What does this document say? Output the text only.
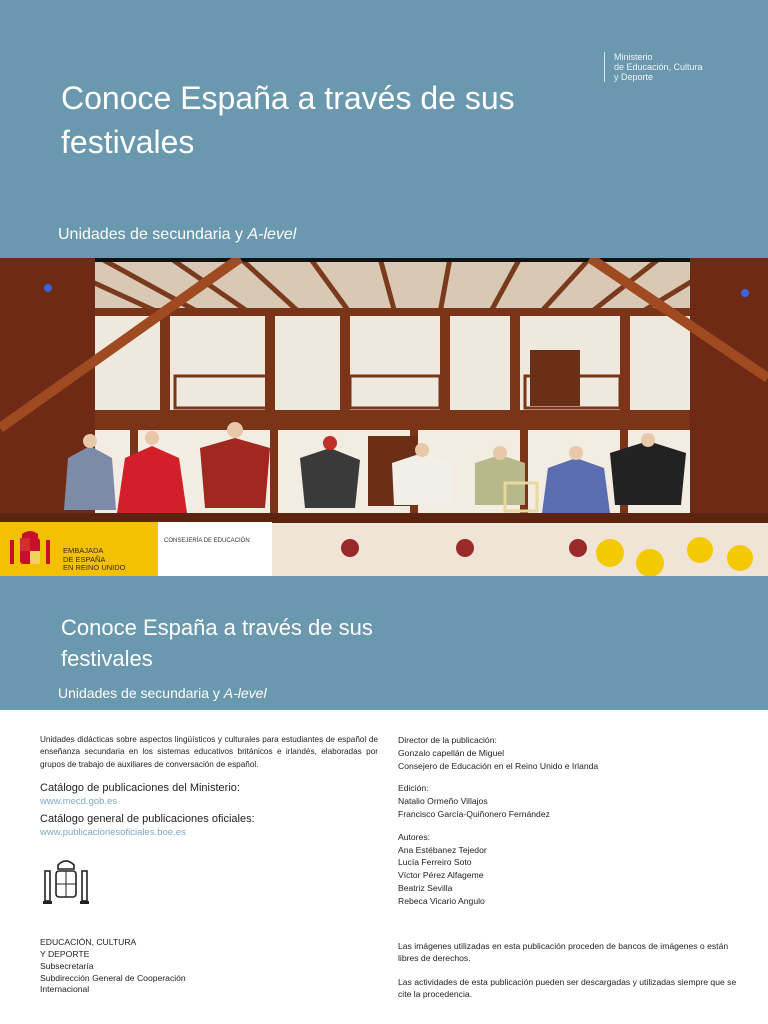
Ministerio
de Educación, Cultura
y Deporte
Conoce España a través de sus festivales
Unidades de secundaria y A-level
EMBAJADA
DE ESPAÑA
EN REINO UNIDO
CONSEJERÍA DE EDUCACIÓN
Conoce España a través de sus festivales
Unidades de secundaria y A-level

Unidades didácticas sobre aspectos lingüísticos y culturales para estudiantes de español de enseñanza secundaria en los sistemas educativos británicos e irlandés, elaboradas por grupos de trabajo de auxiliares de conversación de español.

Catálogo de publicaciones del Ministerio:
www.mecd.gob.es
Catálogo general de publicaciones oficiales:
www.publicacionesoficiales.boe.es
EDUCACIÓN, CULTURA
Y DEPORTE
Subsecretaría
Subdirección General de Cooperación
Internacional
Director de la publicación:
Gonzalo capellán de Miguel
Consejero de Educación en el Reino Unido e Irlanda
Edición:
Natalio Ormeño Villajos
Francisco García-Quiñonero Fernández
Autores:
Ana Estébanez Tejedor
Lucía Ferreiro Soto
Víctor Pérez Alfageme
Beatriz Sevilla
Rebeca Vicario Angulo

Las imágenes utilizadas en esta publicación proceden de bancos de imágenes o están libres de derechos.

Las actividades de esta publicación pueden ser descargadas y utilizadas siempre que se cite la procedencia.
